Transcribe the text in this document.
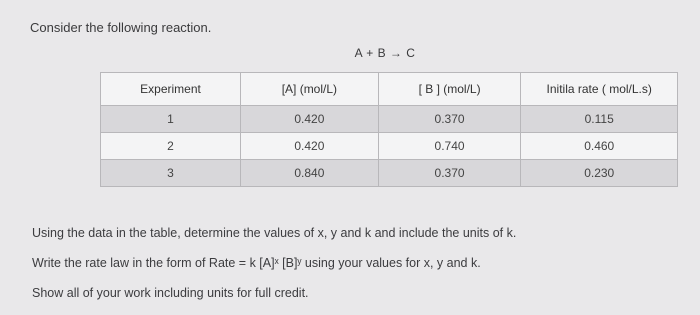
Consider the following reaction.
A + B → C
Experiment	[A] (mol/L)	[ B ] (mol/L)	Initila rate ( mol/L.s)
1	0.420	0.370	0.115
2	0.420	0.740	0.460
3	0.840	0.370	0.230
Using the data in the table, determine the values of x, y and k and include the units of k.
Write the rate law in the form of Rate = k [A]ˣ [B]ʸ using your values for x, y and k.
Show all of your work including units for full credit.
